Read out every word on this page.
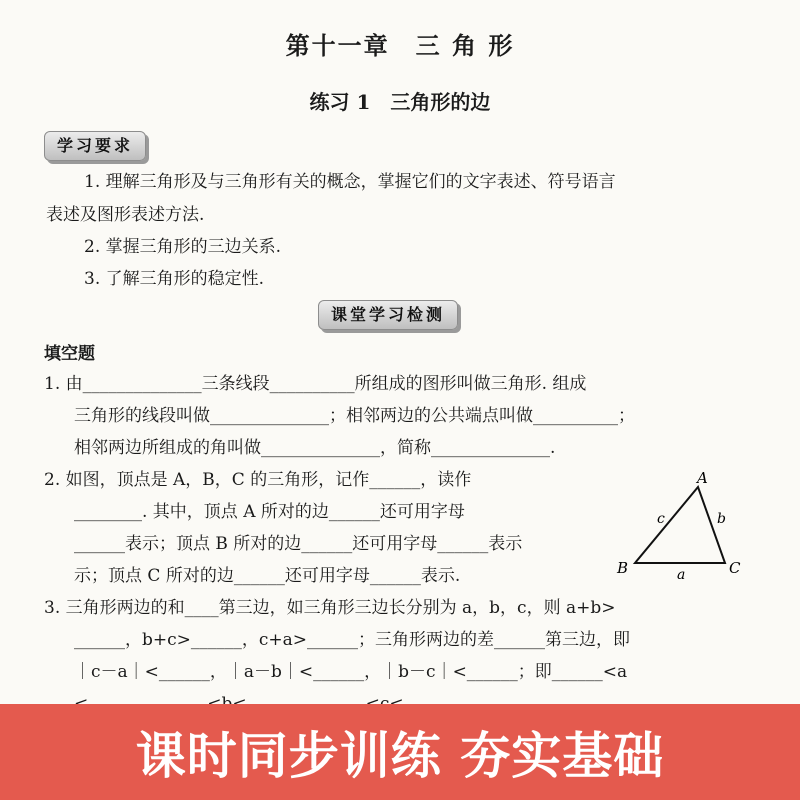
第十一章　三 角 形
练习 1　三角形的边
学习要求
1. 理解三角形及与三角形有关的概念，掌握它们的文字表述、符号语言
表述及图形表述方法.
2. 掌握三角形的三边关系.
3. 了解三角形的稳定性.
课堂学习检测
填空题
1. 由______________三条线段__________所组成的图形叫做三角形. 组成
三角形的线段叫做______________；相邻两边的公共端点叫做__________；
相邻两边所组成的角叫做______________，简称______________.
2. 如图，顶点是 A，B，C 的三角形，记作______，读作
________. 其中，顶点 A 所对的边______还可用字母
______表示；顶点 B 所对的边______还可用字母______表示
示；顶点 C 所对的边______还可用字母______表示.
3. 三角形两边的和____第三边，如三角形三边长分别为 a，b，c，则 a+b>
______，b+c>______，c+a>______；三角形两边的差______第三边，即
｜c－a｜<______，｜a－b｜<______，｜b－c｜<______；即______<a
A
B	C
a
b
c
课时同步训练 夯实基础
